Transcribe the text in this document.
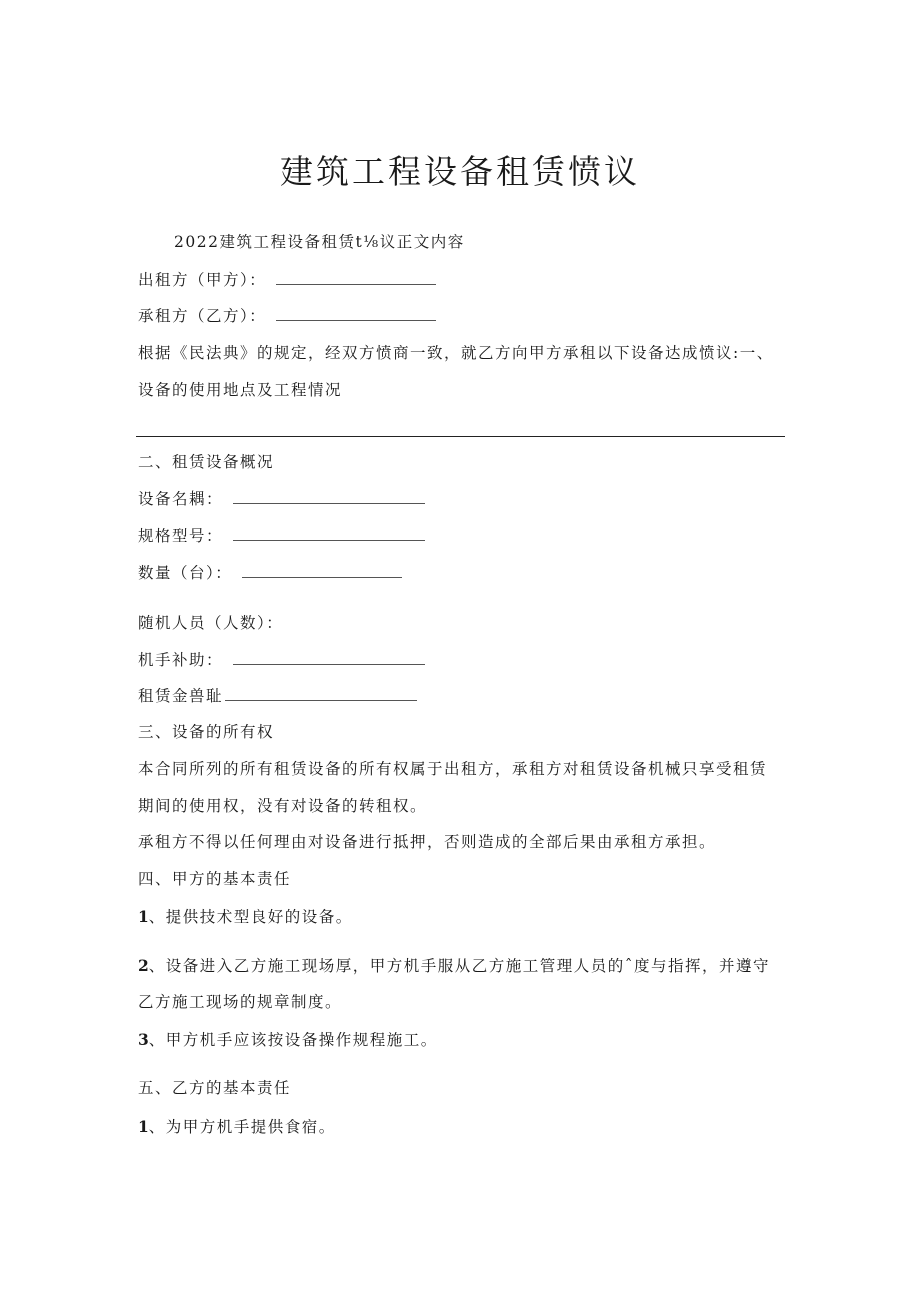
建筑工程设备租赁愤议
2022建筑工程设备租赁t⅛议正文内容
出租方（甲方）：
承租方（乙方）：
根据《民法典》的规定，经双方愤商一致，就乙方向甲方承租以下设备达成愤议:一、
设备的使用地点及工程情况
二、租赁设备概况
设备名耦：
规格型号：
数量（台）：
随机人员（人数）：
机手补助：
租赁金兽耻
三、设备的所有权
本合同所列的所有租赁设备的所有权属于出租方，承租方对租赁设备机械只享受租赁
期间的使用权，没有对设备的转租权。
承租方不得以任何理由对设备进行抵押，否则造成的全部后果由承租方承担。
四、甲方的基本责任
1、提供技术型良好的设备。
2、设备进入乙方施工现场厚，甲方机手服从乙方施工管理人员的ˆ度与指挥，并遵守
乙方施工现场的规章制度。
3、甲方机手应该按设备操作规程施工。
五、乙方的基本责任
1、为甲方机手提供食宿。
